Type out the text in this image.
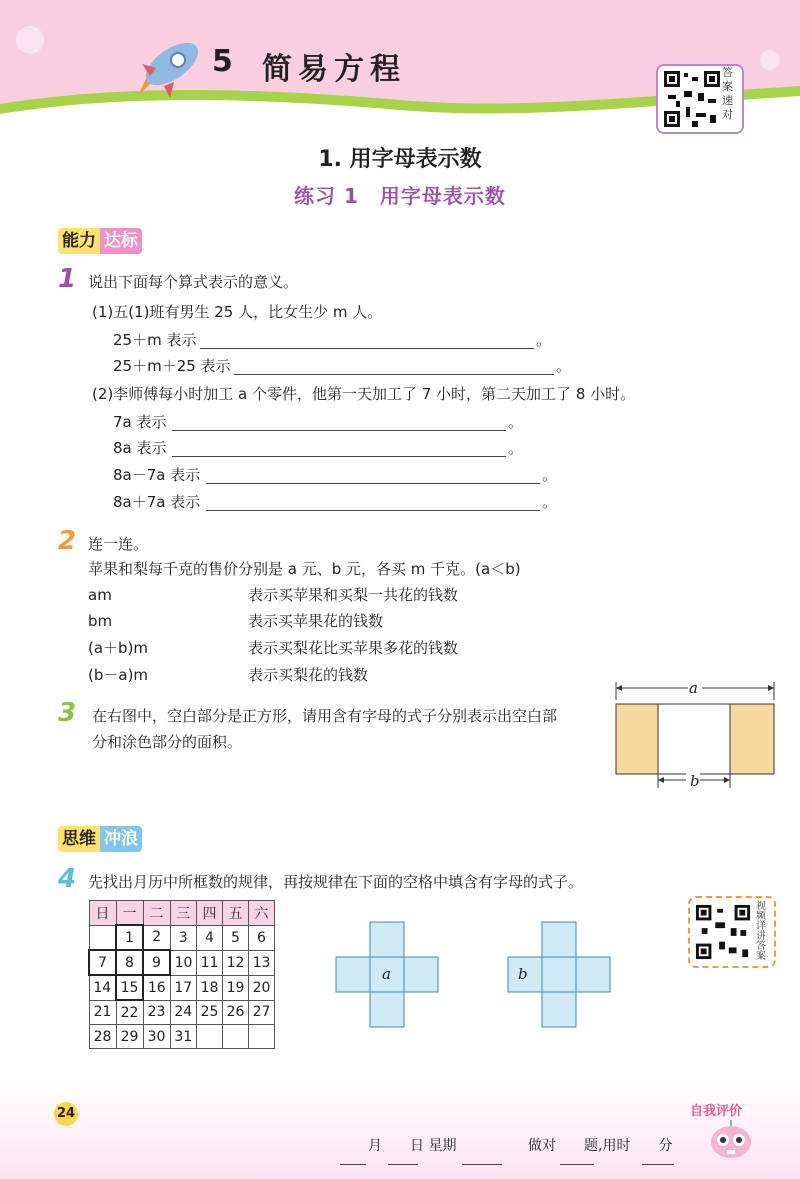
5 简易方程	答案速对
1. 用字母表示数
练习 1　用字母表示数
能力 达标
1 说出下面每个算式表示的意义。
(1)五(1)班有男生 25 人，比女生少 m 人。
25＋m 表示	。
25＋m＋25 表示	。
(2)李师傅每小时加工 a 个零件，他第一天加工了 7 小时，第二天加工了 8 小时。
7a 表示	。
8a 表示	。
8a－7a 表示	。
8a＋7a 表示	。
2 连一连。
苹果和梨每千克的售价分别是 a 元、b 元，各买 m 千克。(a＜b)
am	表示买苹果和买梨一共花的钱数
bm	表示买苹果花的钱数
(a＋b)m	表示买梨花比买苹果多花的钱数
(b－a)m	表示买梨花的钱数
3 在右图中，空白部分是正方形，请用含有字母的式子分别表示出空白部
分和涂色部分的面积。
a
b
思维 冲浪
4 先找出月历中所框数的规律，再按规律在下面的空格中填含有字母的式子。
日	一	二	三	四	五	六
	1	2	3	4	5	6
7	8	9	10	11	12	13
14	15	16	17	18	19	20
21	22	23	24	25	26	27
28	29	30	31			
a	b
视频详讲答案
24	自我评价
月　　日 星期	做对　　题,用时　　分
